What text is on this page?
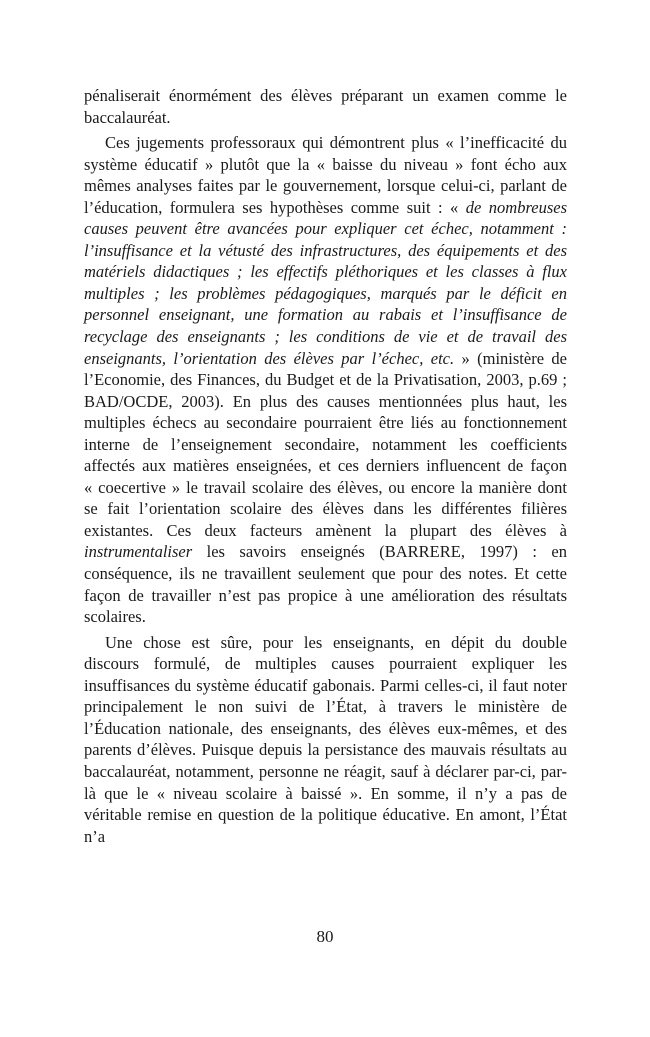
pénaliserait énormément des élèves préparant un examen comme le baccalauréat.

Ces jugements professoraux qui démontrent plus « l’inefficacité du système éducatif » plutôt que la « baisse du niveau » font écho aux mêmes analyses faites par le gouvernement, lorsque celui-ci, parlant de l’éducation, formulera ses hypothèses comme suit : « de nombreuses causes peuvent être avancées pour expliquer cet échec, notamment : l’insuffisance et la vétusté des infrastructures, des équipements et des matériels didactiques ; les effectifs pléthoriques et les classes à flux multiples ; les problèmes pédagogiques, marqués par le déficit en personnel enseignant, une formation au rabais et l’insuffisance de recyclage des enseignants ; les conditions de vie et de travail des enseignants, l’orientation des élèves par l’échec, etc. » (ministère de l’Economie, des Finances, du Budget et de la Privatisation, 2003, p.69 ; BAD/OCDE, 2003). En plus des causes mentionnées plus haut, les multiples échecs au secondaire pourraient être liés au fonctionnement interne de l’enseignement secondaire, notamment les coefficients affectés aux matières enseignées, et ces derniers influencent de façon « coecertive » le travail scolaire des élèves, ou encore la manière dont se fait l’orientation scolaire des élèves dans les différentes filières existantes. Ces deux facteurs amènent la plupart des élèves à instrumentaliser les savoirs enseignés (BARRERE, 1997) : en conséquence, ils ne travaillent seulement que pour des notes. Et cette façon de travailler n’est pas propice à une amélioration des résultats scolaires.

Une chose est sûre, pour les enseignants, en dépit du double discours formulé, de multiples causes pourraient expliquer les insuffisances du système éducatif gabonais. Parmi celles-ci, il faut noter principalement le non suivi de l’État, à travers le ministère de l’Éducation nationale, des enseignants, des élèves eux-mêmes, et des parents d’élèves. Puisque depuis la persistance des mauvais résultats au baccalauréat, notamment, personne ne réagit, sauf à déclarer par-ci, par-là que le « niveau scolaire à baissé ». En somme, il n’y a pas de véritable remise en question de la politique éducative. En amont, l’État n’a

80
